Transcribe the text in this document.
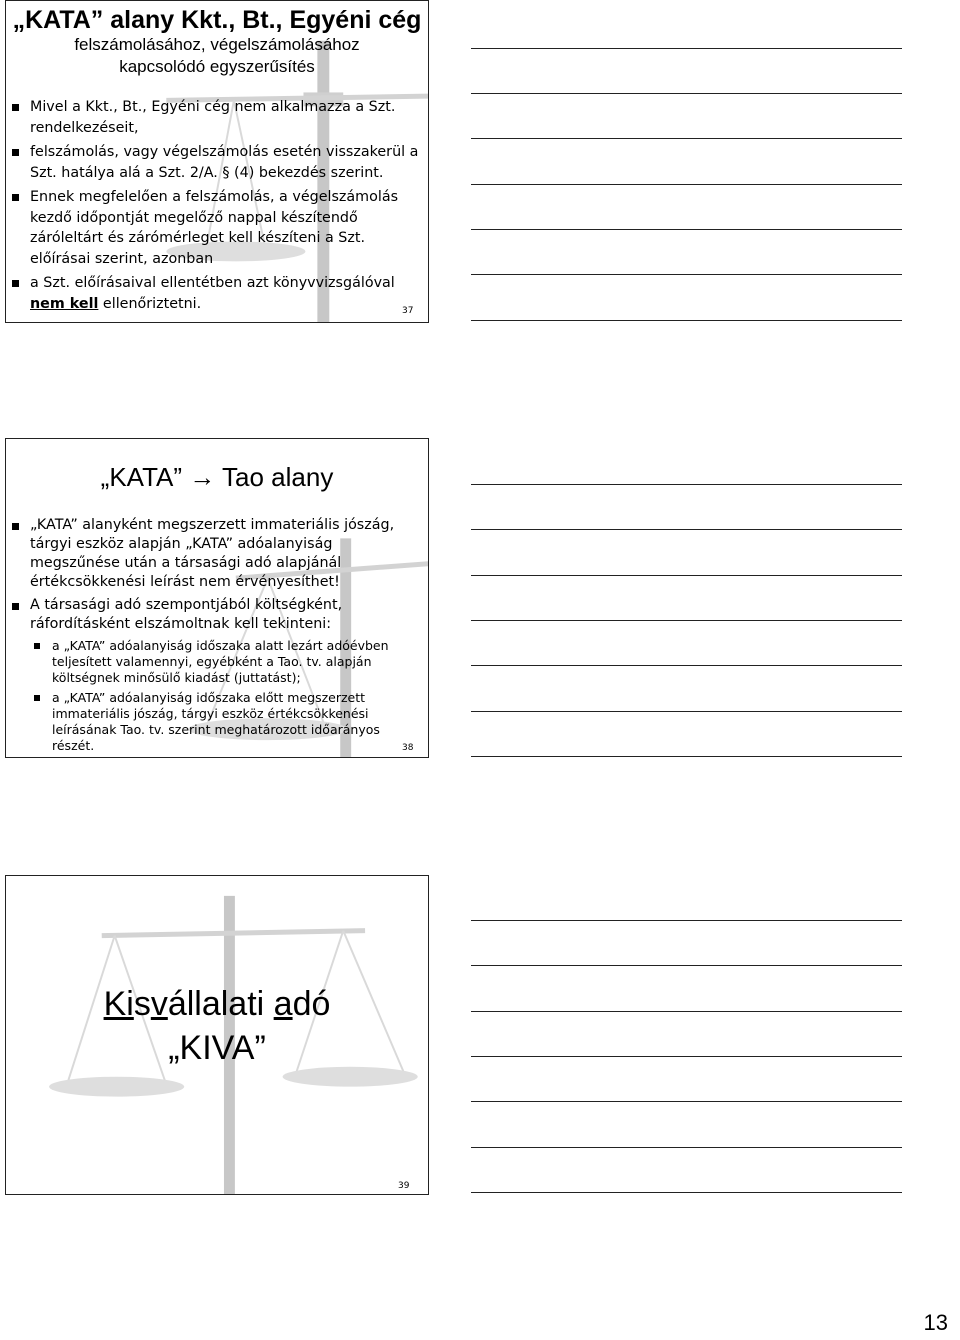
„KATA” alany Kkt., Bt., Egyéni cég
felszámolásához, végelszámolásához
kapcsolódó egyszerűsítés
Mivel a Kkt., Bt., Egyéni cég nem alkalmazza a Szt. rendelkezéseit,
felszámolás, vagy végelszámolás esetén visszakerül a Szt. hatálya alá a Szt. 2/A. § (4) bekezdés szerint.
Ennek megfelelően a felszámolás, a végelszámolás kezdő időpontját megelőző nappal készítendő záróleltárt és zárómérleget kell készíteni a Szt. előírásai szerint, azonban
a Szt. előírásaival ellentétben azt könyvvizsgálóval
nem kell ellenőriztetni.	37
„KATA” → Tao alany
„KATA” alanyként megszerzett immateriális jószág, tárgyi eszköz alapján „KATA” adóalanyiság megszűnése után a társasági adó alapjánál értékcsökkenési leírást nem érvényesíthet!
A társasági adó szempontjából költségként, ráfordításként elszámoltnak kell tekinteni:
a „KATA” adóalanyiság időszaka alatt lezárt adóévben teljesített valamennyi, egyébként a Tao. tv. alapján költségnek minősülő kiadást (juttatást);
a „KATA” adóalanyiság időszaka előtt megszerzett immateriális jószág, tárgyi eszköz értékcsökkenési leírásának Tao. tv. szerint meghatározott időarányos részét.	38
Kisvállalati adó
„KIVA”
39
13
